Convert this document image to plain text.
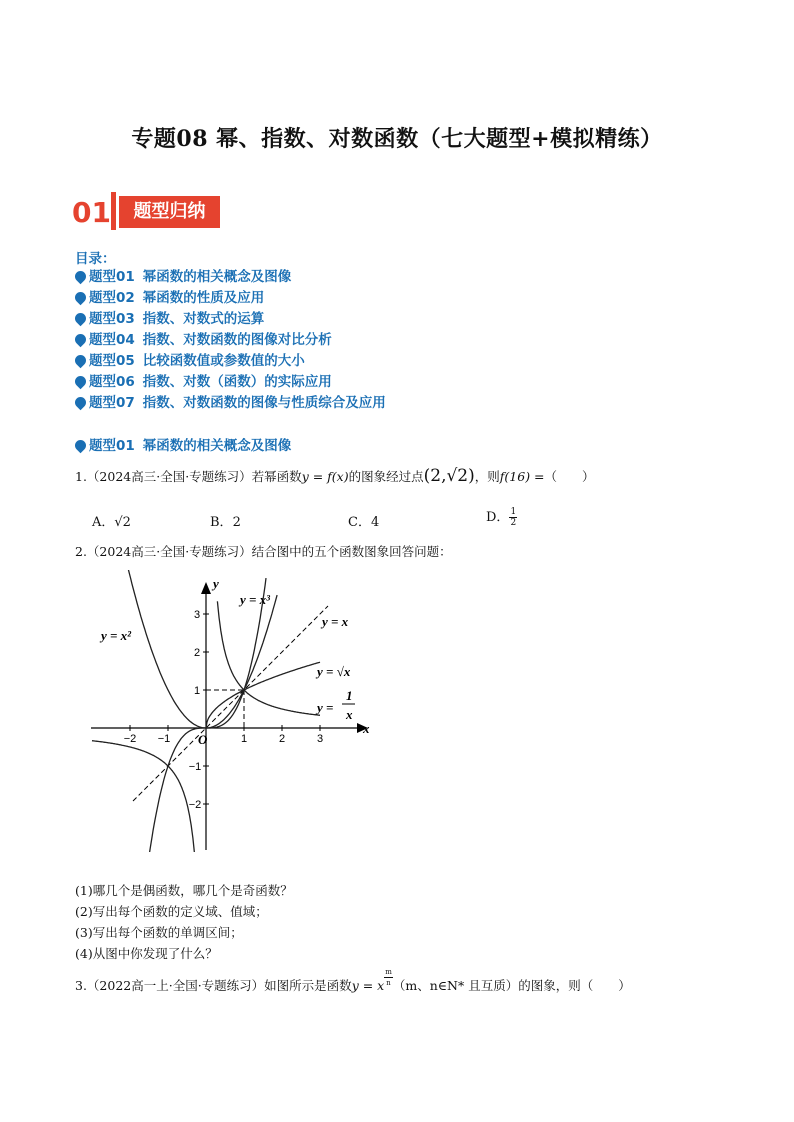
专题08 幂、指数、对数函数（七大题型+模拟精练）
01	题型归纳
目录：
题型01 幂函数的相关概念及图像
1.（2024高三·全国·专题练习）若幂函数y = f(x)的图象经过点(2,√2)，则f(16) =（　　）
A．√2	B．2	C．4	D． $\frac{1}{2}$
2.（2024高三·全国·专题练习）结合图中的五个函数图象回答问题：
−2 −1	1	2	3
3
2
1
−1
−2
O
y
x
y = x³
y = x²
y = x
y = √x
y =
1
x
(1)哪几个是偶函数，哪几个是奇函数？
(2)写出每个函数的定义域、值域；
(3)写出每个函数的单调区间；
(4)从图中你发现了什么？
3.（2022高一上·全国·专题练习）如图所示是函数y = x $\frac{m}{n} (m$、n∈N* 且互质）的图象，则（　　）
题型01 幂函数的相关概念及图像
题型02 幂函数的性质及应用
题型03 指数、对数式的运算
题型04 指数、对数函数的图像对比分析
题型05 比较函数值或参数值的大小
题型06 指数、对数（函数）的实际应用
题型07 指数、对数函数的图像与性质综合及应用
